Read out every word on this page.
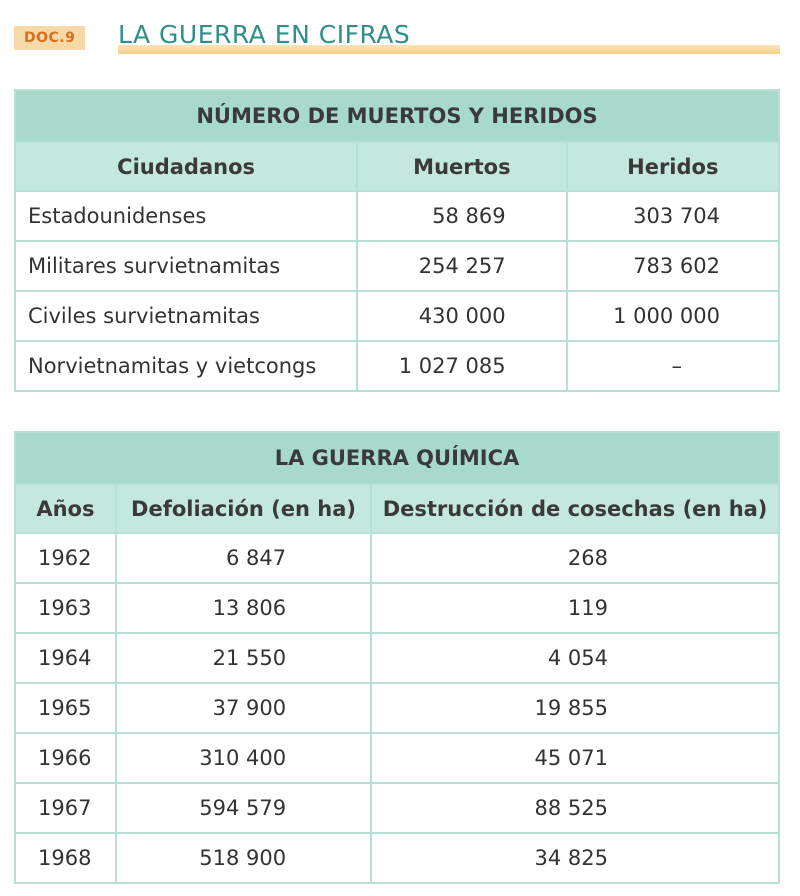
DOC.9	LA GUERRA EN CIFRAS
NÚMERO DE MUERTOS Y HERIDOS		
Ciudadanos	Muertos	Heridos
Estadounidenses	58 869	303 704
Militares survietnamitas	254 257	783 602
Civiles survietnamitas	430 000	1 000 000
Norvietnamitas y vietcongs	1 027 085	–
LA GUERRA QUÍMICA		
Años	Defoliación (en ha)	Destrucción de cosechas (en ha)
1962	6 847	268
1963	13 806	119
1964	21 550	4 054
1965	37 900	19 855
1966	310 400	45 071
1967	594 579	88 525
1968	518 900	34 825
